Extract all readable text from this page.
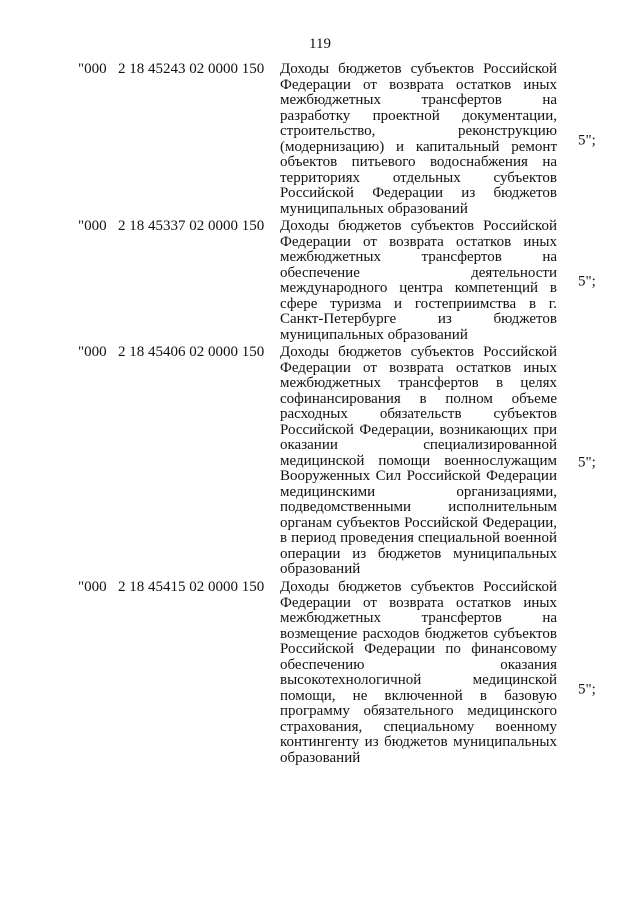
119
"000 2 18 45243 02 0000 150 Доходы бюджетов субъектов Российской Федерации от возврата остатков иных межбюджетных трансфертов на разработку проектной документации, строительство, реконструкцию (модернизацию) и капитальный ремонт объектов питьевого водоснабжения на территориях отдельных субъектов Российской Федерации из бюджетов муниципальных образований
5";
"000 2 18 45337 02 0000 150 Доходы бюджетов субъектов Российской Федерации от возврата остатков иных межбюджетных трансфертов на обеспечение деятельности международного центра компетенций в сфере туризма и гостеприимства в г. Санкт-Петербурге из бюджетов муниципальных образований
5";
"000 2 18 45406 02 0000 150 Доходы бюджетов субъектов Российской Федерации от возврата остатков иных межбюджетных трансфертов в целях софинансирования в полном объеме расходных обязательств субъектов Российской Федерации, возникающих при оказании специализированной медицинской помощи военнослужащим Вооруженных Сил Российской Федерации медицинскими организациями, подведомственными исполнительным органам субъектов Российской Федерации, в период проведения специальной военной операции из бюджетов муниципальных образований
5";
"000 2 18 45415 02 0000 150 Доходы бюджетов субъектов Российской Федерации от возврата остатков иных межбюджетных трансфертов на возмещение расходов бюджетов субъектов Российской Федерации по финансовому обеспечению оказания высокотехнологичной медицинской помощи, не включенной в базовую программу обязательного медицинского страхования, специальному военному контингенту из бюджетов муниципальных образований
5";
